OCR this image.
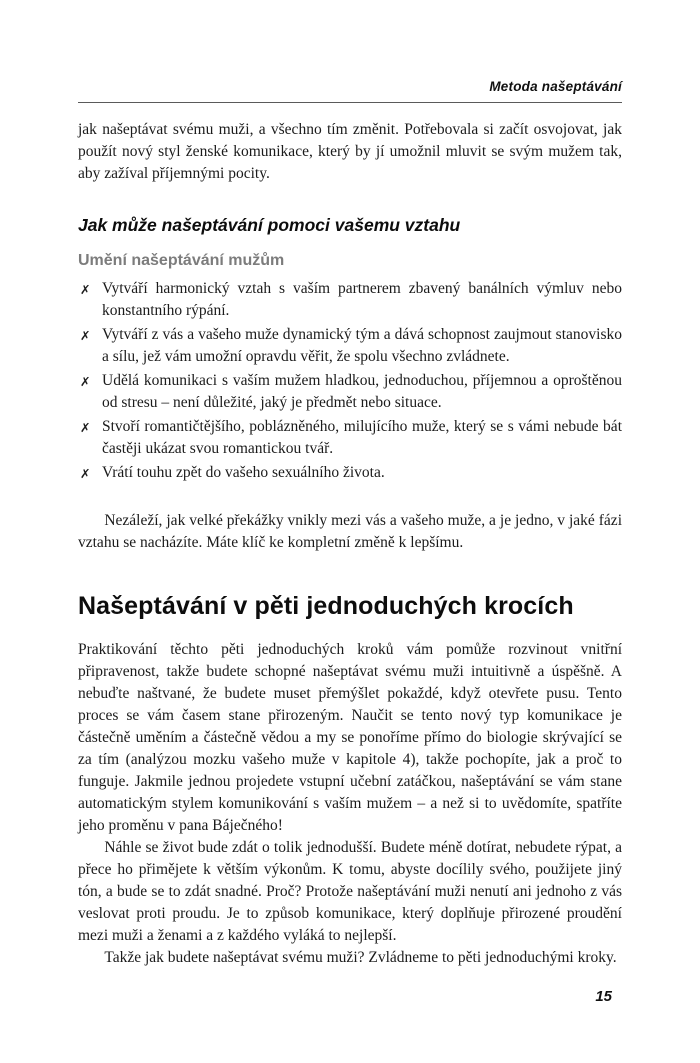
Metoda našeptávání

jak našeptávat svému muži, a všechno tím změnit. Potřebovala si začít osvojovat, jak použít nový styl ženské komunikace, který by jí umožnil mluvit se svým mužem tak, aby zažíval příjemnými pocity.

Jak může našeptávání pomoci vašemu vztahu
Umění našeptávání mužům
✗ Vytváří harmonický vztah s vaším partnerem zbavený banálních výmluv nebo konstantního rýpání.
✗ Vytváří z vás a vašeho muže dynamický tým a dává schopnost zaujmout stanovisko a sílu, jež vám umožní opravdu věřit, že spolu všechno zvládnete.
✗ Udělá komunikaci s vaším mužem hladkou, jednoduchou, příjemnou a oproštěnou od stresu – není důležité, jaký je předmět nebo situace.
✗ Stvoří romantičtějšího, poblázněného, milujícího muže, který se s vámi nebude bát častěji ukázat svou romantickou tvář.
✗ Vrátí touhu zpět do vašeho sexuálního života.

Nezáleží, jak velké překážky vnikly mezi vás a vašeho muže, a je jedno, v jaké fázi vztahu se nacházíte. Máte klíč ke kompletní změně k lepšímu.

Našeptávání v pěti jednoduchých krocích

Praktikování těchto pěti jednoduchých kroků vám pomůže rozvinout vnitřní připravenost, takže budete schopné našeptávat svému muži intuitivně a úspěšně. A nebuďte naštvané, že budete muset přemýšlet pokaždé, když otevřete pusu. Tento proces se vám časem stane přirozeným. Naučit se tento nový typ komunikace je částečně uměním a částečně vědou a my se ponoříme přímo do biologie skrývající se za tím (analýzou mozku vašeho muže v kapitole 4), takže pochopíte, jak a proč to funguje. Jakmile jednou projedete vstupní učební zatáčkou, našeptávání se vám stane automatickým stylem komunikování s vaším mužem – a než si to uvědomíte, spatříte jeho proměnu v pana Báječného!

Náhle se život bude zdát o tolik jednodušší. Budete méně dotírat, nebudete rýpat, a přece ho přimějete k větším výkonům. K tomu, abyste docílily svého, použijete jiný tón, a bude se to zdát snadné. Proč? Protože našeptávání muži nenutí ani jednoho z vás veslovat proti proudu. Je to způsob komunikace, který doplňuje přirozené proudění mezi muži a ženami a z každého vyláká to nejlepší.

Takže jak budete našeptávat svému muži? Zvládneme to pěti jednoduchými kroky.

15
